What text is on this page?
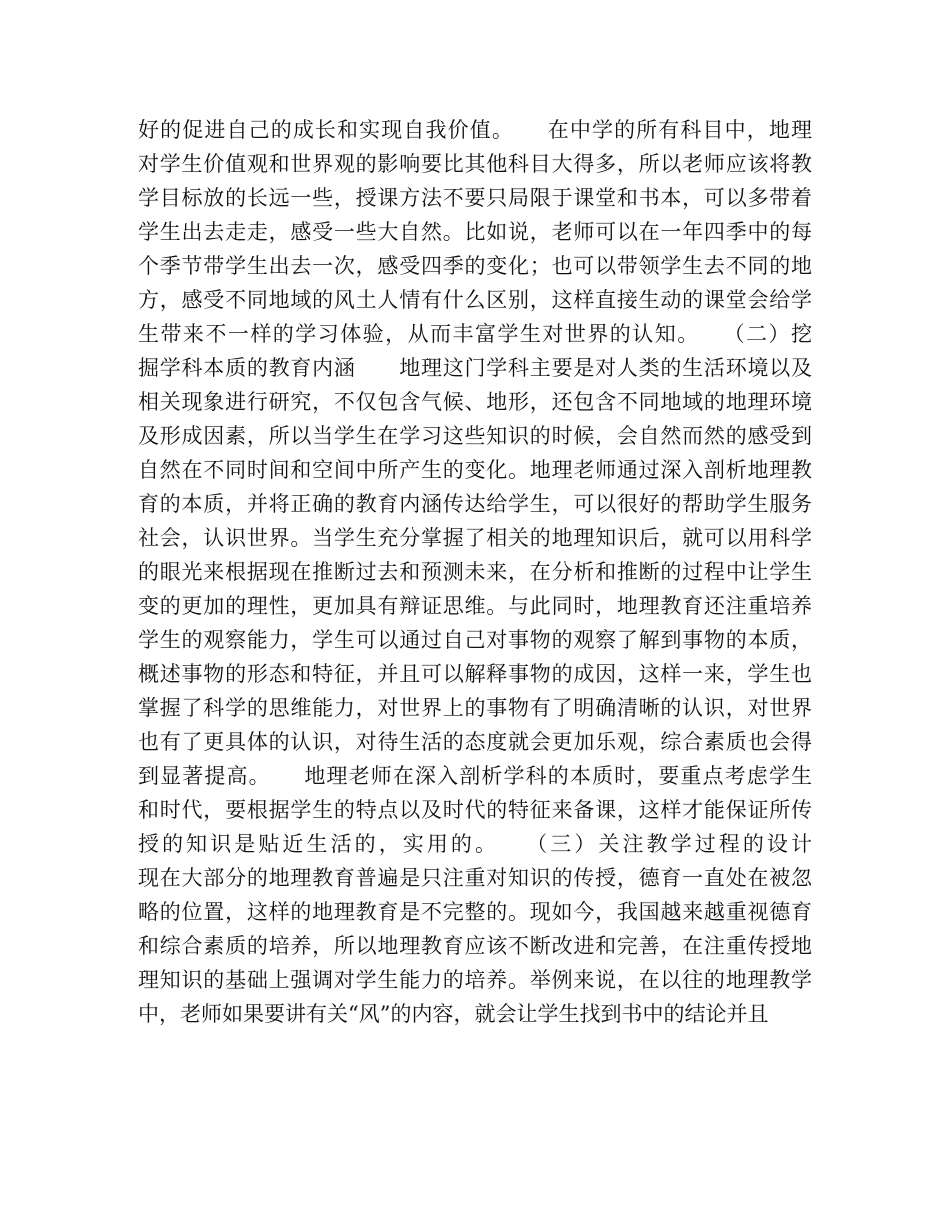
好的促进自己的成长和实现自我价值。　　在中学的所有科目中，地理
对学生价值观和世界观的影响要比其他科目大得多，所以老师应该将教
学目标放的长远一些，授课方法不要只局限于课堂和书本，可以多带着
学生出去走走，感受一些大自然。比如说，老师可以在一年四季中的每
个季节带学生出去一次，感受四季的变化；也可以带领学生去不同的地
方，感受不同地域的风土人情有什么区别，这样直接生动的课堂会给学
生带来不一样的学习体验，从而丰富学生对世界的认知。　　（二）挖
掘学科本质的教育内涵　　地理这门学科主要是对人类的生活环境以及
相关现象进行研究，不仅包含气候、地形，还包含不同地域的地理环境
及形成因素，所以当学生在学习这些知识的时候，会自然而然的感受到
自然在不同时间和空间中所产生的变化。地理老师通过深入剖析地理教
育的本质，并将正确的教育内涵传达给学生，可以很好的帮助学生服务
社会，认识世界。当学生充分掌握了相关的地理知识后，就可以用科学
的眼光来根据现在推断过去和预测未来，在分析和推断的过程中让学生
变的更加的理性，更加具有辩证思维。与此同时，地理教育还注重培养
学生的观察能力，学生可以通过自己对事物的观察了解到事物的本质，
概述事物的形态和特征，并且可以解释事物的成因，这样一来，学生也
掌握了科学的思维能力，对世界上的事物有了明确清晰的认识，对世界
也有了更具体的认识，对待生活的态度就会更加乐观，综合素质也会得
到显著提高。　　地理老师在深入剖析学科的本质时，要重点考虑学生
和时代，要根据学生的特点以及时代的特征来备课，这样才能保证所传
授的知识是贴近生活的，实用的。　　（三）关注教学过程的设计
现在大部分的地理教育普遍是只注重对知识的传授，德育一直处在被忽
略的位置，这样的地理教育是不完整的。现如今，我国越来越重视德育
和综合素质的培养，所以地理教育应该不断改进和完善，在注重传授地
理知识的基础上强调对学生能力的培养。举例来说，在以往的地理教学
中，老师如果要讲有关“风”的内容，就会让学生找到书中的结论并且
